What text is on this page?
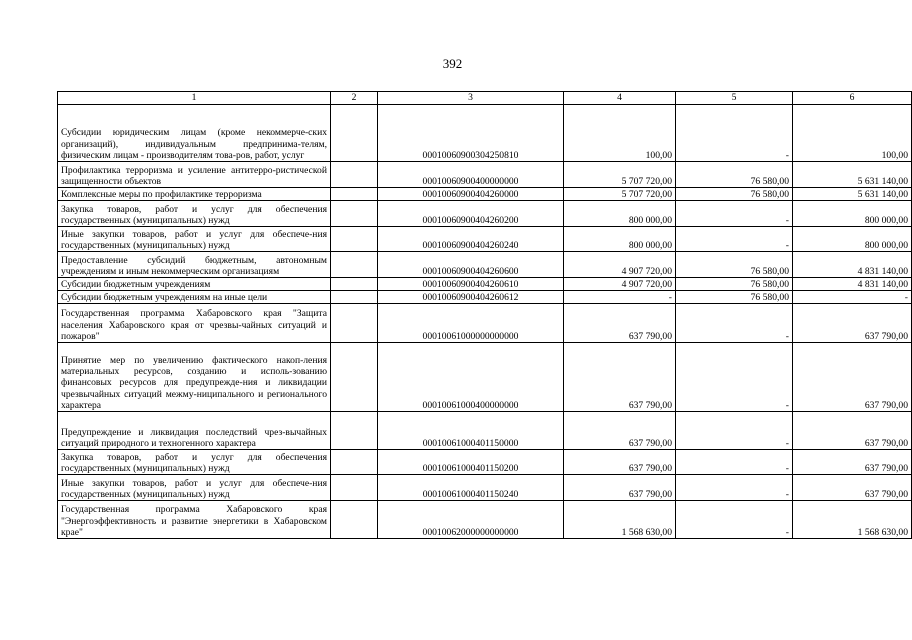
392
1	2	3	4	5	6
Субсидии юридическим лицам (кроме некоммерче-ских организаций), индивидуальным предпринима-телям, физическим лицам - производителям това-ров, работ, услуг		00010060900304250810	100,00	-	100,00
Профилактика терроризма и усиление антитерро-ристической защищенности объектов		00010060900400000000	5 707 720,00	76 580,00	5 631 140,00
Комплексные меры по профилактике терроризма		00010060900404260000	5 707 720,00	76 580,00	5 631 140,00
Закупка товаров, работ и услуг для обеспечения государственных (муниципальных) нужд		00010060900404260200	800 000,00	-	800 000,00
Иные закупки товаров, работ и услуг для обеспече-ния государственных (муниципальных) нужд		00010060900404260240	800 000,00	-	800 000,00
Предоставление субсидий бюджетным, автономным учреждениям и иным некоммерческим организациям		00010060900404260600	4 907 720,00	76 580,00	4 831 140,00
Субсидии бюджетным учреждениям		00010060900404260610	4 907 720,00	76 580,00	4 831 140,00
Субсидии бюджетным учреждениям на иные цели		00010060900404260612	-	76 580,00	-
Государственная программа Хабаровского края "Защита населения Хабаровского края от чрезвы-чайных ситуаций и пожаров"		00010061000000000000	637 790,00	-	637 790,00
Принятие мер по увеличению фактического накоп-ления материальных ресурсов, созданию и исполь-зованию финансовых ресурсов для предупрежде-ния и ликвидации чрезвычайных ситуаций межму-ниципального и регионального характера		00010061000400000000	637 790,00	-	637 790,00
Предупреждение и ликвидация последствий чрез-вычайных ситуаций природного и техногенного характера		00010061000401150000	637 790,00	-	637 790,00
Закупка товаров, работ и услуг для обеспечения государственных (муниципальных) нужд		00010061000401150200	637 790,00	-	637 790,00
Иные закупки товаров, работ и услуг для обеспече-ния государственных (муниципальных) нужд		00010061000401150240	637 790,00	-	637 790,00
Государственная программа Хабаровского края "Энергоэффективность и развитие энергетики в Хабаровском крае"		00010062000000000000	1 568 630,00	-	1 568 630,00
